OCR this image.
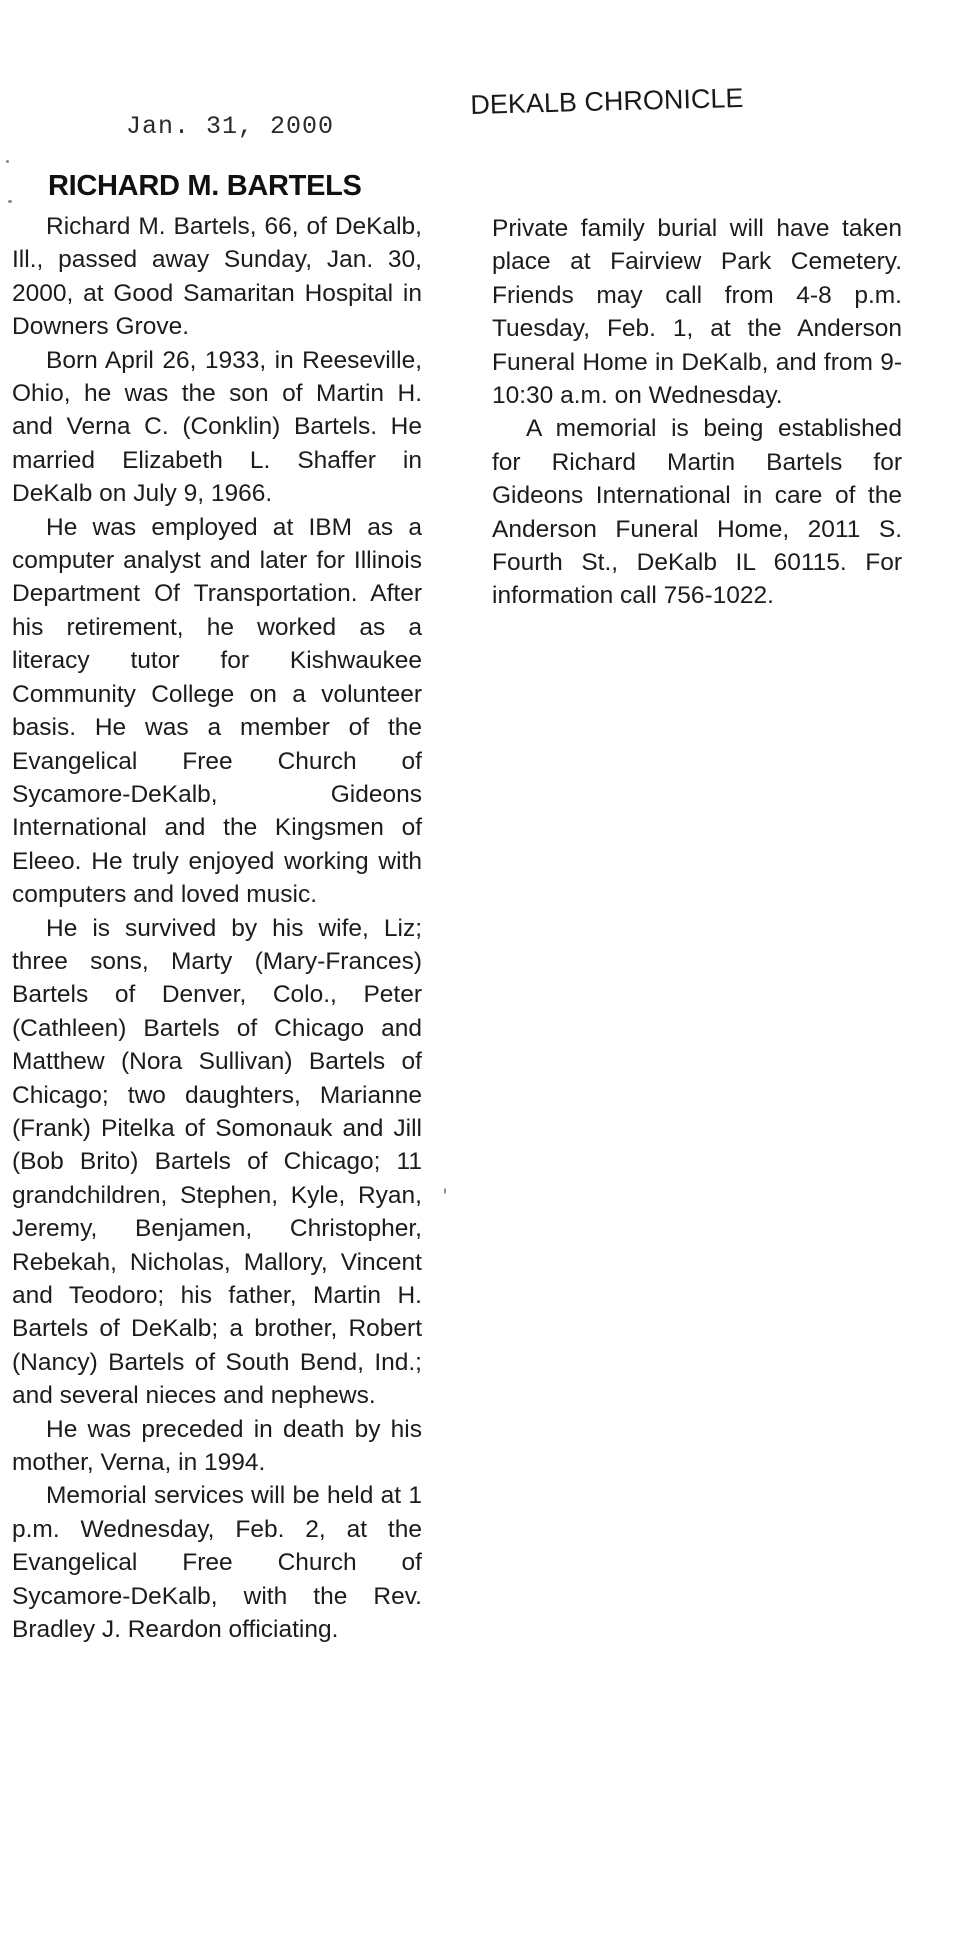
Jan. 31, 2000
DEKALB CHRONICLE
RICHARD M. BARTELS

Richard M. Bartels, 66, of DeKalb, Ill., passed away Sunday, Jan. 30, 2000, at Good Samaritan Hospital in Downers Grove.

Born April 26, 1933, in Reeseville, Ohio, he was the son of Martin H. and Verna C. (Conklin) Bartels. He married Elizabeth L. Shaffer in DeKalb on July 9, 1966.

He was employed at IBM as a computer analyst and later for Illinois Department Of Transportation. After his retirement, he worked as a literacy tutor for Kishwaukee Community College on a volunteer basis. He was a member of the Evangelical Free Church of Sycamore-DeKalb, Gideons International and the Kingsmen of Eleeo. He truly enjoyed working with computers and loved music.

He is survived by his wife, Liz; three sons, Marty (Mary-Frances) Bartels of Denver, Colo., Peter (Cathleen) Bartels of Chicago and Matthew (Nora Sullivan) Bartels of Chicago; two daughters, Marianne (Frank) Pitelka of Somonauk and Jill (Bob Brito) Bartels of Chicago; 11 grandchildren, Stephen, Kyle, Ryan, Jeremy, Benjamen, Christopher, Rebekah, Nicholas, Mallory, Vincent and Teodoro; his father, Martin H. Bartels of DeKalb; a brother, Robert (Nancy) Bartels of South Bend, Ind.; and several nieces and nephews.

He was preceded in death by his mother, Verna, in 1994.

Memorial services will be held at 1 p.m. Wednesday, Feb. 2, at the Evangelical Free Church of Sycamore-DeKalb, with the Rev. Bradley J. Reardon officiating.

Private family burial will have taken place at Fairview Park Cemetery. Friends may call from 4-8 p.m. Tuesday, Feb. 1, at the Anderson Funeral Home in DeKalb, and from 9-10:30 a.m. on Wednesday.

A memorial is being established for Richard Martin Bartels for Gideons International in care of the Anderson Funeral Home, 2011 S. Fourth St., DeKalb IL 60115. For information call 756-1022.
